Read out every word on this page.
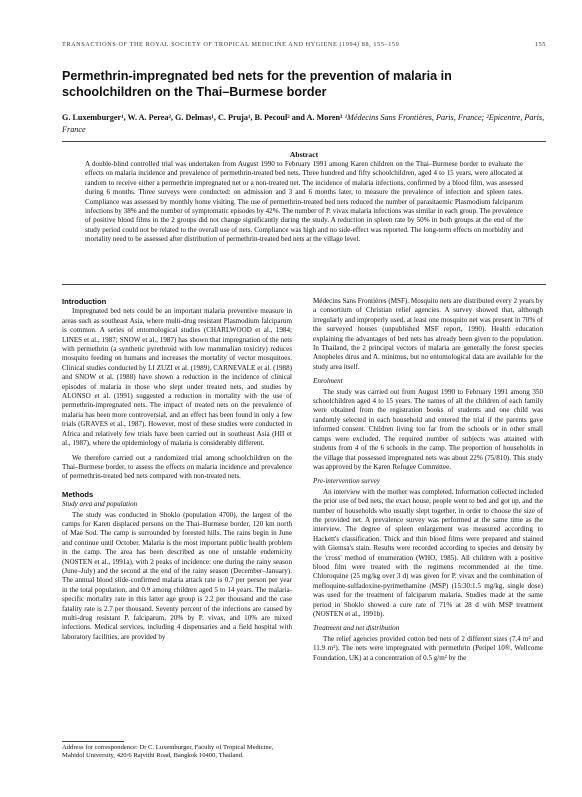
TRANSACTIONS OF THE ROYAL SOCIETY OF TROPICAL MEDICINE AND HYGIENE (1994) 88, 155–159	155
Permethrin-impregnated bed nets for the prevention of malaria in schoolchildren on the Thai–Burmese border
G. Luxemburger¹, W. A. Perea², G. Delmas¹, C. Pruja¹, B. Pecoul² and A. Moren³ ¹Médecins Sans Frontières, Paris, France; ²Epicentre, Paris, France
Abstract
A double-blind controlled trial was undertaken from August 1990 to February 1991 among Karen children on the Thai–Burmese border to evaluate the effects on malaria incidence and prevalence of permethrin-treated bed nets. Three hundred and fifty schoolchildren, aged 4 to 15 years, were allocated at random to receive either a permethrin impregnated net or a non-treated net. The incidence of malaria infections, confirmed by a blood film, was assessed during 6 months. Three surveys were conducted: on admission and 3 and 6 months later, to measure the prevalence of infection and spleen rates. Compliance was assessed by monthly home visiting. The use of permethrin-treated bed nets reduced the number of parasitaemic Plasmodium falciparum infections by 38% and the number of symptomatic episodes by 42%. The number of P. vivax malaria infections was similar in each group. The prevalence of positive blood films in the 2 groups did not change significantly during the study. A reduction in spleen rate by 50% in both groups at the end of the study period could not be related to the overall use of nets. Compliance was high and no side-effect was reported. The long-term effects on morbidity and mortality need to be assessed after distribution of permethrin-treated bed nets at the village level.
Introduction

Impregnated bed nets could be an important malaria preventive measure in areas such as southeast Asia, where multi-drug resistant Plasmodium falciparum is common. A series of entomological studies (CHARLWOOD et al., 1984; LINES et al., 1987; SNOW et al., 1987) has shown that impregnation of the nets with permethrin (a synthetic pyrethroid with low mammalian toxicity) reduces mosquito feeding on humans and increases the mortality of vector mosquitoes. Clinical studies conducted by LI ZUZI et al. (1989), CARNEVALE et al. (1988) and SNOW et al. (1988) have shown a reduction in the incidence of clinical episodes of malaria in those who slept under treated nets, and studies by ALONSO et al. (1991) suggested a reduction in mortality with the use of permethrin-impregnated nets. The impact of treated nets on the prevalence of malaria has been more controversial, and an effect has been found in only a few trials (GRAVES et al., 1987). However, most of these studies were conducted in Africa and relatively few trials have been carried out in southeast Asia (HII et al., 1987), where the epidemiology of malaria is considerably different.

We therefore carried out a randomized trial among schoolchildren on the Thai–Burmese border, to assess the effects on malaria incidence and prevalence of permethrin-treated bed nets compared with non-treated nets.

Methods
Study area and population

The study was conducted in Shoklo (population 4700), the largest of the camps for Karen displaced persons on the Thai–Burmese border, 120 km north of Mae Sod. The camp is surrounded by forested hills. The rains begin in June and continue until October. Malaria is the most important public health problem in the camp. The area has been described as one of unstable endemicity (NOSTEN et al., 1991a), with 2 peaks of incidence: one during the rainy season (June–July) and the second at the end of the rainy season (December–January). The annual blood slide-confirmed malaria attack rate is 0.7 per person per year in the total population, and 0.9 among children aged 5 to 14 years. The malaria-specific mortality rate in this latter age group is 2.2 per thousand and the case fatality rate is 2.7 per thousand. Seventy percent of the infections are caused by multi-drug resistant P. falciparum, 20% by P. vivax, and 10% are mixed infections. Medical services, including 4 dispensaries and a field hospital with laboratory facilities, are provided by

Médecins Sans Frontières (MSF). Mosquito nets are distributed every 2 years by a consortium of Christian relief agencies. A survey showed that, although irregularly and improperly used, at least one mosquito net was present in 70% of the surveyed houses (unpublished MSF report, 1990). Health education explaining the advantages of bed nets has already been given to the population. In Thailand, the 2 principal vectors of malaria are generally the forest species Anopheles dirus and A. minimus, but no entomological data are available for the study area itself.

Enrolment

The study was carried out from August 1990 to February 1991 among 350 schoolchildren aged 4 to 15 years. The names of all the children of each family were obtained from the registration books of students and one child was randomly selected in each household and entered the trial if the parents gave informed consent. Children living too far from the schools or in other small camps were excluded. The required number of subjects was attained with students from 4 of the 6 schools in the camp. The proportion of households in the village that possessed impregnated nets was about 22% (75/810). This study was approved by the Karen Refugee Committee.

Pre-intervention survey

An interview with the mother was completed. Information collected included the prior use of bed nets, the exact house, people went to bed and got up, and the number of households who usually slept together, in order to choose the size of the provided net. A prevalence survey was performed at the same time as the interview. The degree of spleen enlargement was measured according to Hackett's classification. Thick and thin blood films were prepared and stained with Giemsa's stain. Results were recorded according to species and density by the 'cross' method of enumeration (WHO, 1985). All children with a positive blood film were treated with the regimens recommended at the time. Chloroquine (25 mg/kg over 3 d) was given for P. vivax and the combination of mefloquine-sulfadoxine-pyrimethamine (MSP) (15:30:1.5 mg/kg, single dose) was used for the treatment of falciparum malaria. Studies made at the same period in Shoklo showed a cure rate of 71% at 28 d with MSP treatment (NOSTEN et al., 1991b).

Treatment and net distribution

The relief agencies provided cotton bed nets of 2 different sizes (7.4 m² and 11.9 m²). The nets were impregnated with permethrin (Peripel 10®, Wellcome Foundation, UK) at a concentration of 0.5 g/m² by the

Address for correspondence: Dr C. Luxemburger, Faculty of Tropical Medicine, Mahidol University, 420/6 Rajvithi Road, Bangkok 10400, Thailand.
